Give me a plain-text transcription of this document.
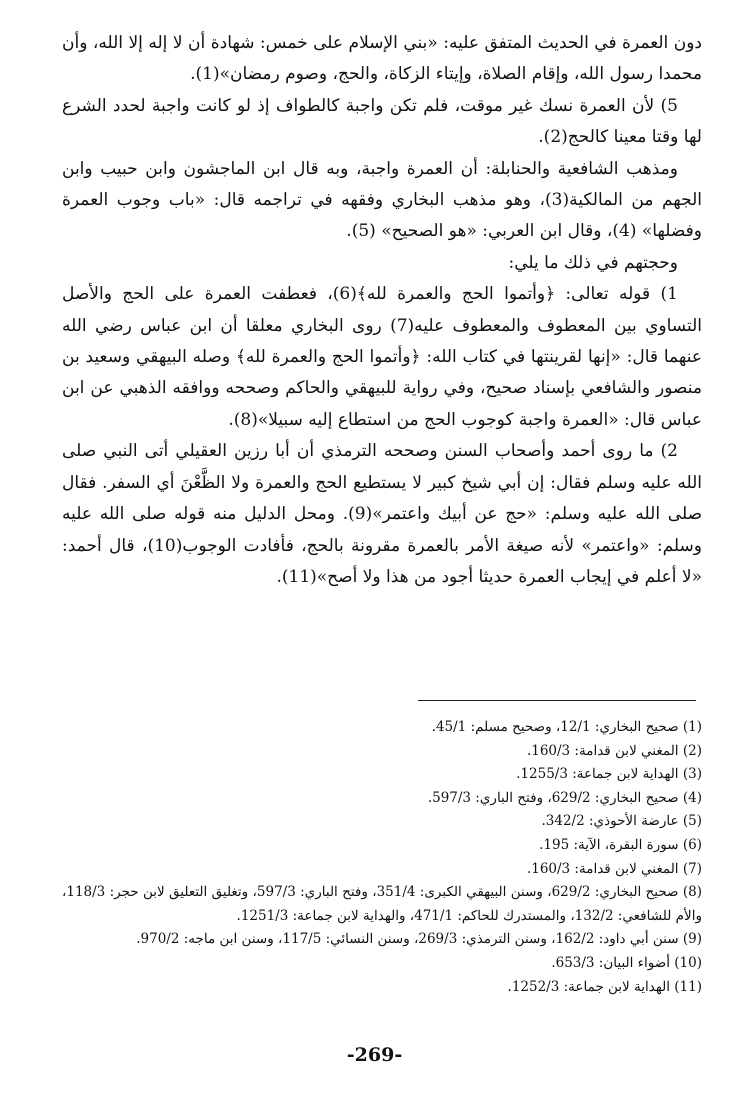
دون العمرة في الحديث المتفق عليه: «بني الإسلام على خمس: شهادة أن لا إله إلا الله، وأن محمدا رسول الله، وإقام الصلاة، وإيتاء الزكاة، والحج، وصوم رمضان»(1).

5) لأن العمرة نسك غير موقت، فلم تكن واجبة كالطواف إذ لو كانت واجبة لحدد الشرع لها وقتا معينا كالحج(2).

ومذهب الشافعية والحنابلة: أن العمرة واجبة، وبه قال ابن الماجشون وابن حبيب وابن الجهم من المالكية(3)، وهو مذهب البخاري وفقهه في تراجمه قال: «باب وجوب العمرة وفضلها» (4)، وقال ابن العربي: «هو الصحيح» (5).

وحجتهم في ذلك ما يلي:

1) قوله تعالى: ﴿وأتموا الحج والعمرة لله﴾(6)، فعطفت العمرة على الحج والأصل التساوي بين المعطوف والمعطوف عليه(7) روى البخاري معلقا أن ابن عباس رضي الله عنهما قال: «إنها لقرينتها في كتاب الله: ﴿وأتموا الحج والعمرة لله﴾ وصله البيهقي وسعيد بن منصور والشافعي بإسناد صحيح، وفي رواية للبيهقي والحاكم وصححه ووافقه الذهبي عن ابن عباس قال: «العمرة واجبة كوجوب الحج من استطاع إليه سبيلا»(8).

2) ما روى أحمد وأصحاب السنن وصححه الترمذي أن أبا رزين العقيلي أتى النبي صلى الله عليه وسلم فقال: إن أبي شيخ كبير لا يستطيع الحج والعمرة ولا الظَّعْنَ أي السفر. فقال صلى الله عليه وسلم: «حج عن أبيك واعتمر»(9). ومحل الدليل منه قوله صلى الله عليه وسلم: «واعتمر» لأنه صيغة الأمر بالعمرة مقرونة بالحج، فأفادت الوجوب(10)، قال أحمد: «لا أعلم في إيجاب العمرة حديثا أجود من هذا ولا أصح»(11).

(1) صحيح البخاري: 12/1، وصحيح مسلم: 45/1.

(2) المغني لابن قدامة: 160/3.

(3) الهداية لابن جماعة: 1255/3.

(4) صحيح البخاري: 629/2، وفتح الباري: 597/3.

(5) عارضة الأحوذي: 342/2.

(6) سورة البقرة، الآية: 195.

(7) المغني لابن قدامة: 160/3.

(8) صحيح البخاري: 629/2، وسنن البيهقي الكبرى: 351/4، وفتح الباري: 597/3، وتغليق التعليق لابن حجر: 118/3، والأم للشافعي: 132/2، والمستدرك للحاكم: 471/1، والهداية لابن جماعة: 1251/3.

(9) سنن أبي داود: 162/2، وسنن الترمذي: 269/3، وسنن النسائي: 117/5، وسنن ابن ماجه: 970/2.

(10) أضواء البيان: 653/3.

(11) الهداية لابن جماعة: 1252/3.

-269-
